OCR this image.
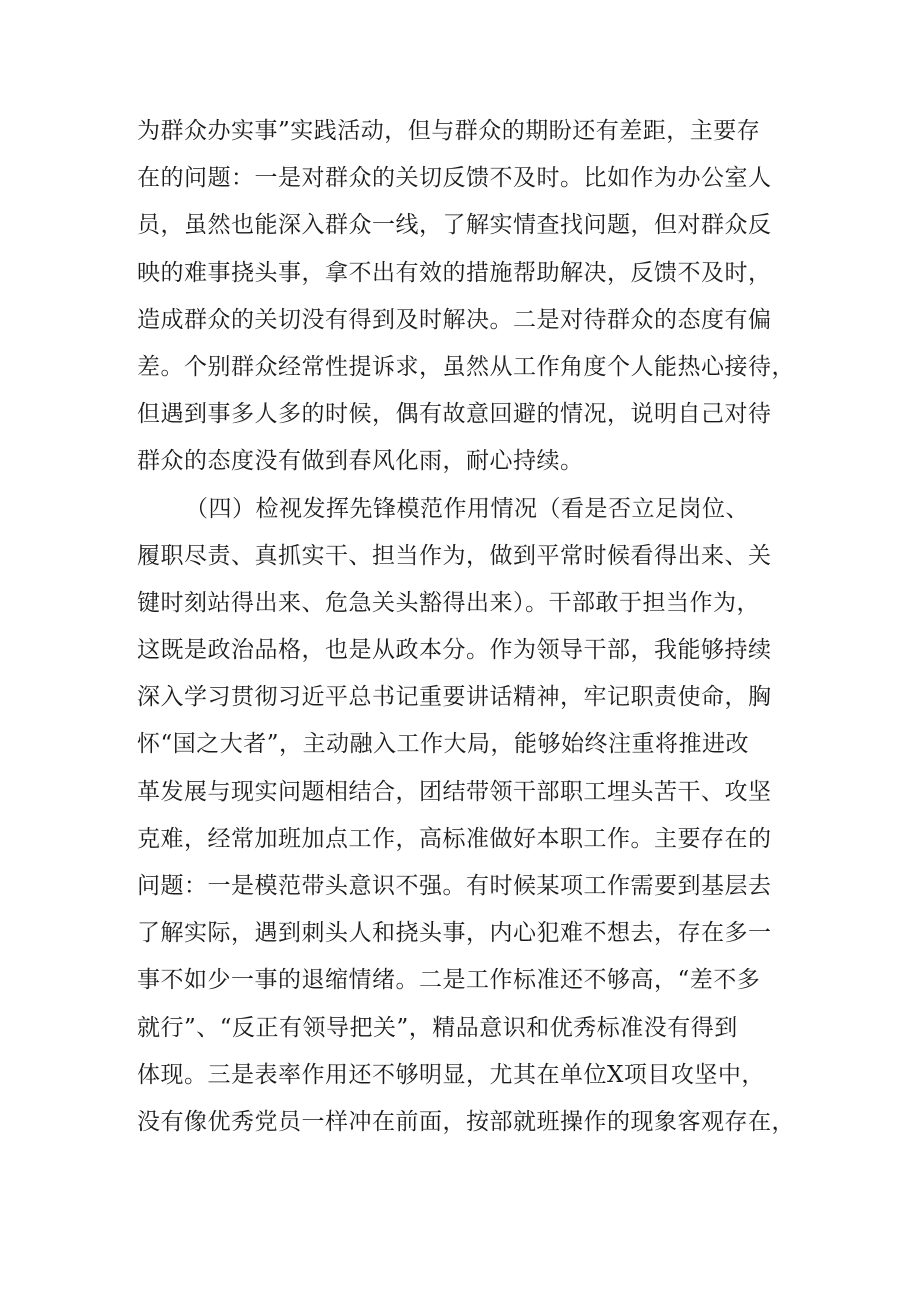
为群众办实事”实践活动，但与群众的期盼还有差距，主要存
在的问题：一是对群众的关切反馈不及时。比如作为办公室人
员，虽然也能深入群众一线，了解实情查找问题，但对群众反
映的难事挠头事，拿不出有效的措施帮助解决，反馈不及时，
造成群众的关切没有得到及时解决。二是对待群众的态度有偏
差。个别群众经常性提诉求，虽然从工作角度个人能热心接待，
但遇到事多人多的时候，偶有故意回避的情况，说明自己对待
群众的态度没有做到春风化雨，耐心持续。
（四）检视发挥先锋模范作用情况（看是否立足岗位、
履职尽责、真抓实干、担当作为，做到平常时候看得出来、关
键时刻站得出来、危急关头豁得出来）。干部敢于担当作为，
这既是政治品格，也是从政本分。作为领导干部，我能够持续
深入学习贯彻习近平总书记重要讲话精神，牢记职责使命，胸
怀“国之大者”，主动融入工作大局，能够始终注重将推进改
革发展与现实问题相结合，团结带领干部职工埋头苦干、攻坚
克难，经常加班加点工作，高标准做好本职工作。主要存在的
问题：一是模范带头意识不强。有时候某项工作需要到基层去
了解实际，遇到刺头人和挠头事，内心犯难不想去，存在多一
事不如少一事的退缩情绪。二是工作标准还不够高，“差不多
就行”、“反正有领导把关”，精品意识和优秀标准没有得到
体现。三是表率作用还不够明显，尤其在单位X项目攻坚中，
没有像优秀党员一样冲在前面，按部就班操作的现象客观存在，
